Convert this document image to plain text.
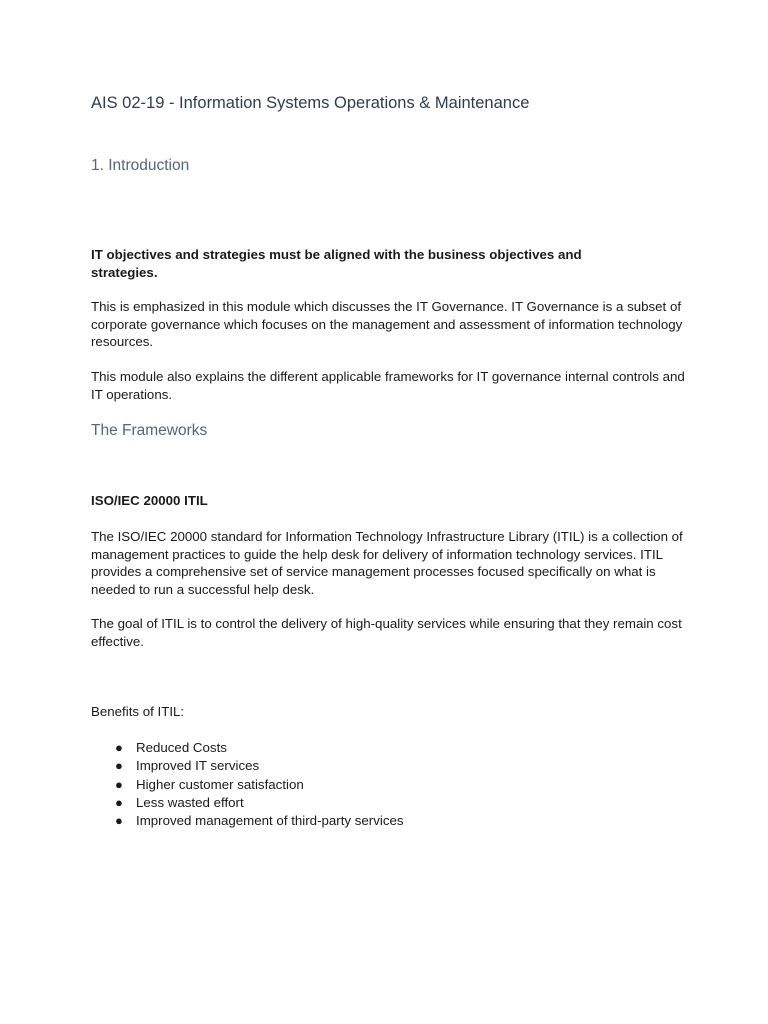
AIS 02-19 - Information Systems Operations & Maintenance
1. Introduction

IT objectives and strategies must be aligned with the business objectives and strategies.

This is emphasized in this module which discusses the IT Governance. IT Governance is a subset of corporate governance which focuses on the management and assessment of information technology resources.

This module also explains the different applicable frameworks for IT governance internal controls and IT operations.

The Frameworks

ISO/IEC 20000 ITIL

The ISO/IEC 20000 standard for Information Technology Infrastructure Library (ITIL) is a collection of management practices to guide the help desk for delivery of information technology services. ITIL provides a comprehensive set of service management processes focused specifically on what is needed to run a successful help desk.

The goal of ITIL is to control the delivery of high-quality services while ensuring that they remain cost effective.

Benefits of ITIL:

● Reduced Costs
● Improved IT services
● Higher customer satisfaction
● Less wasted effort
● Improved management of third-party services
